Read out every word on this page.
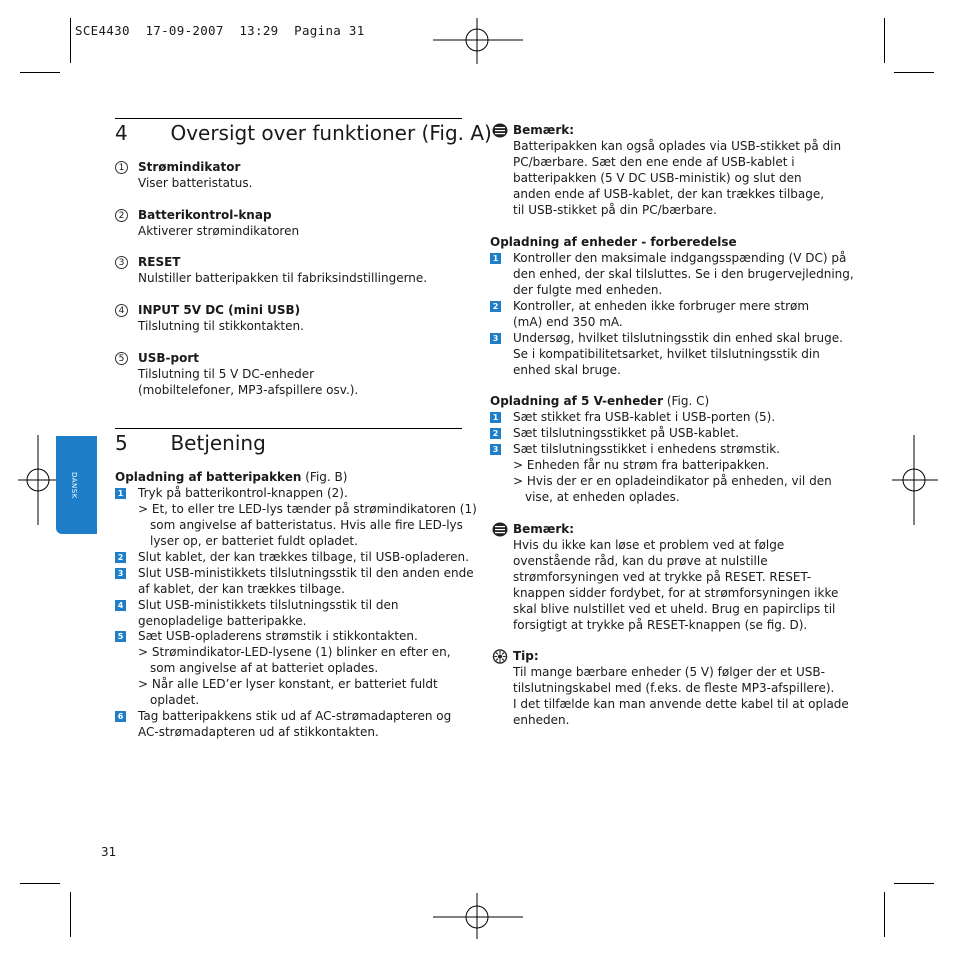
SCE4430 17-09-2007 13:29 Pagina 31
DANSK
4 Oversigt over funktioner (Fig. A)
1	Strømindikator
Viser batteristatus.
2	Batterikontrol-knap
Aktiverer strømindikatoren
3	RESET
Nulstiller batteripakken til fabriksindstillingerne.
4	INPUT 5V DC (mini USB)
Tilslutning til stikkontakten.
5	USB-port
Tilslutning til 5 V DC-enheder
(mobiltelefoner, MP3-afspillere osv.).
5 Betjening
Opladning af batteripakken (Fig. B)
1 Tryk på batterikontrol-knappen (2).
> Et, to eller tre LED-lys tænder på strømindikatoren (1)
som angivelse af batteristatus. Hvis alle fire LED-lys
lyser op, er batteriet fuldt opladet.
2 Slut kablet, der kan trækkes tilbage, til USB-opladeren.
3 Slut USB-ministikkets tilslutningsstik til den anden ende
af kablet, der kan trækkes tilbage.
4 Slut USB-ministikkets tilslutningsstik til den
genopladelige batteripakke.
5 Sæt USB-opladerens strømstik i stikkontakten.
> Strømindikator-LED-lysene (1) blinker en efter en,
som angivelse af at batteriet oplades.
> Når alle LED’er lyser konstant, er batteriet fuldt
opladet.
6 Tag batteripakkens stik ud af AC-strømadapteren og
AC-strømadapteren ud af stikkontakten.
31
Bemærk:
Batteripakken kan også oplades via USB-stikket på din
PC/bærbare. Sæt den ene ende af USB-kablet i
batteripakken (5 V DC USB-ministik) og slut den
anden ende af USB-kablet, der kan trækkes tilbage,
til USB-stikket på din PC/bærbare.
Opladning af enheder - forberedelse
1 Kontroller den maksimale indgangsspænding (V DC) på
den enhed, der skal tilsluttes. Se i den brugervejledning,
der fulgte med enheden.
2 Kontroller, at enheden ikke forbruger mere strøm
(mA) end 350 mA.
3 Undersøg, hvilket tilslutningsstik din enhed skal bruge.
Se i kompatibilitetsarket, hvilket tilslutningsstik din
enhed skal bruge.
Opladning af 5 V-enheder (Fig. C)
1 Sæt stikket fra USB-kablet i USB-porten (5).
2 Sæt tilslutningsstikket på USB-kablet.
3 Sæt tilslutningsstikket i enhedens strømstik.
> Enheden får nu strøm fra batteripakken.
> Hvis der er en opladeindikator på enheden, vil den
vise, at enheden oplades.
Bemærk:
Hvis du ikke kan løse et problem ved at følge
ovenstående råd, kan du prøve at nulstille
strømforsyningen ved at trykke på RESET. RESET-
knappen sidder fordybet, for at strømforsyningen ikke
skal blive nulstillet ved et uheld. Brug en papirclips til
forsigtigt at trykke på RESET-knappen (se fig. D).
Tip:
Til mange bærbare enheder (5 V) følger der et USB-
tilslutningskabel med (f.eks. de fleste MP3-afspillere).
I det tilfælde kan man anvende dette kabel til at oplade
enheden.
